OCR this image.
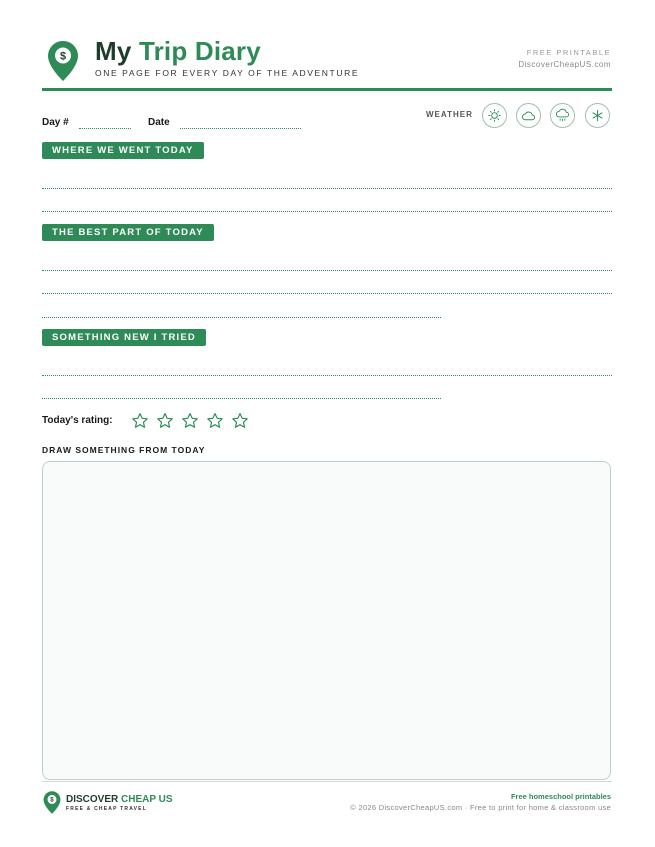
$ My Trip Diary
ONE PAGE FOR EVERY DAY OF THE ADVENTURE
FREE PRINTABLE
DiscoverCheapUS.com
Day #	Date
WEATHER
WHERE WE WENT TODAY
THE BEST PART OF TODAY
SOMETHING NEW I TRIED
Today's rating:
DRAW SOMETHING FROM TODAY
$ DISCOVER CHEAP US
FREE & CHEAP TRAVEL
Free homeschool printables
© 2026 DiscoverCheapUS.com · Free to print for home & classroom use
